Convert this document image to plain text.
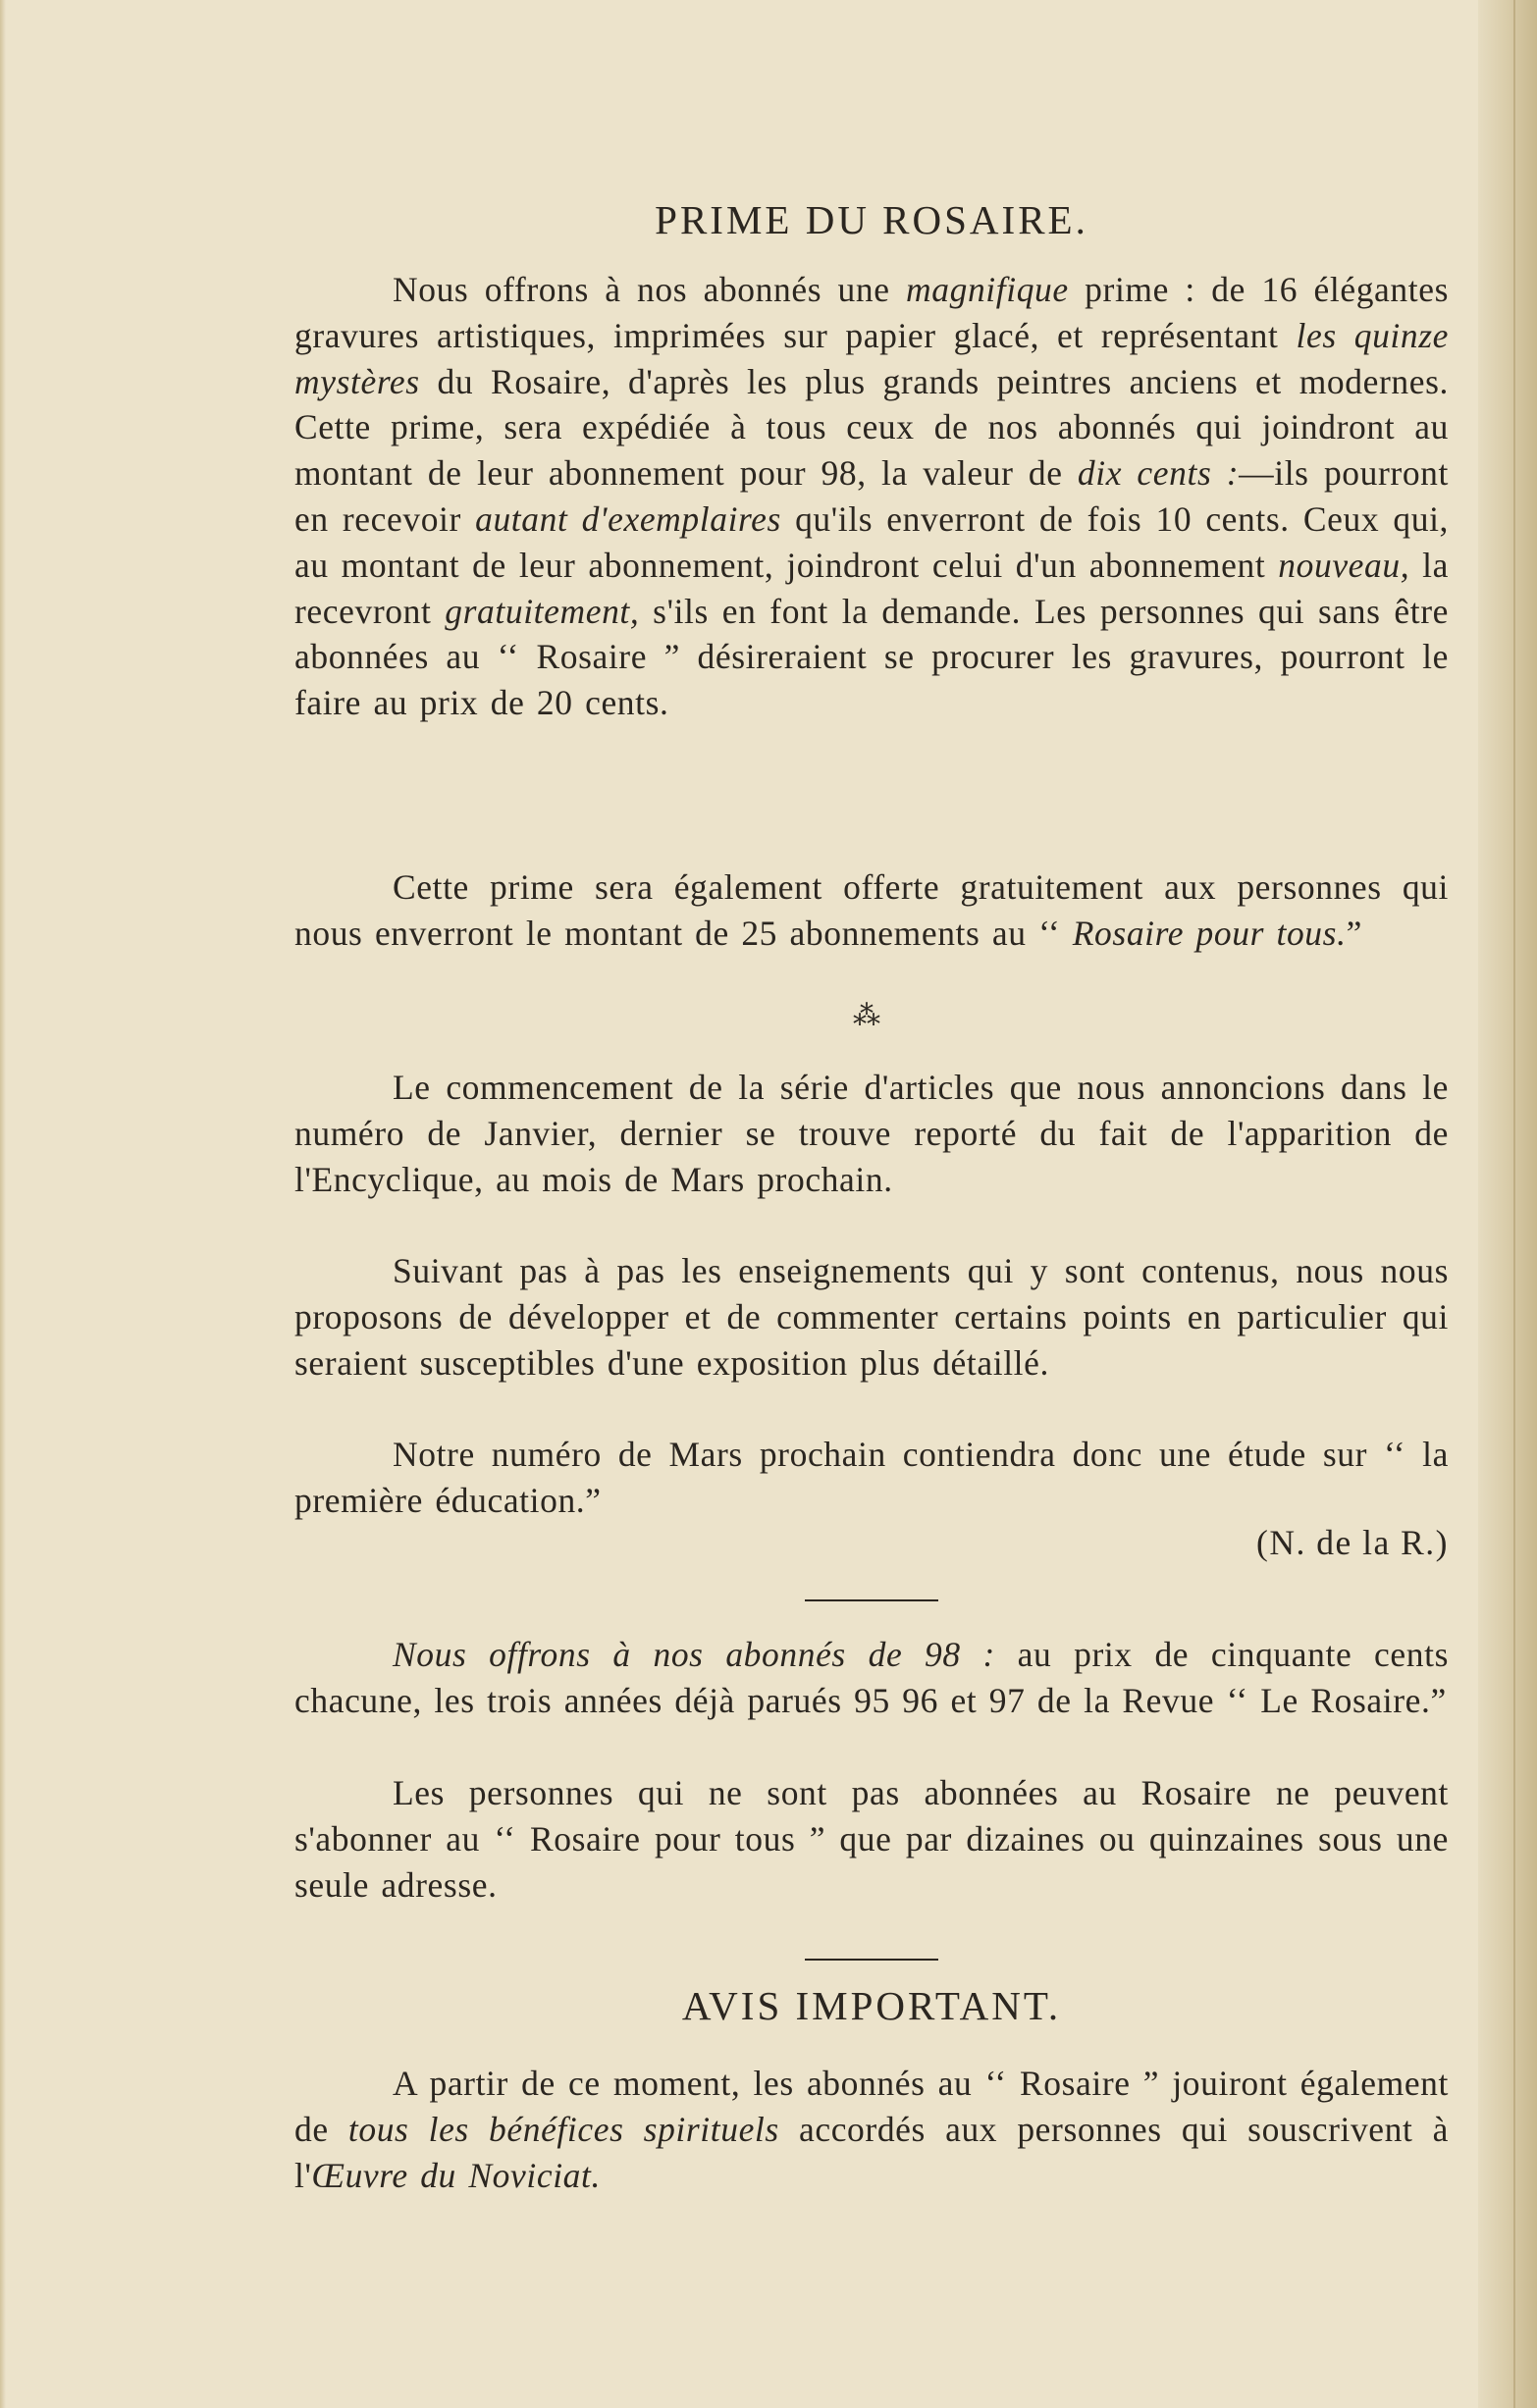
PRIME DU ROSAIRE.

Nous offrons à nos abonnés une magnifique prime : de 16 élégantes gravures artistiques, imprimées sur papier glacé, et représentant les quinze mystères du Rosaire, d'après les plus grands peintres anciens et modernes. Cette prime, sera expédiée à tous ceux de nos abonnés qui joindront au montant de leur abonnement pour 98, la valeur de dix cents :—ils pourront en recevoir autant d'exemplaires qu'ils enverront de fois 10 cents. Ceux qui, au montant de leur abonnement, joindront celui d'un abonnement nouveau, la recevront gratuitement, s'ils en font la demande. Les personnes qui sans être abonnées au ‘‘ Rosaire ” désireraient se procurer les gravures, pourront le faire au prix de 20 cents.

Cette prime sera également offerte gratuitement aux personnes qui nous enverront le montant de 25 abonnements au ‘‘ Rosaire pour tous.”

⁂

Le commencement de la série d'articles que nous annoncions dans le numéro de Janvier, dernier se trouve reporté du fait de l'apparition de l'Encyclique, au mois de Mars prochain.

Suivant pas à pas les enseignements qui y sont contenus, nous nous proposons de développer et de commenter certains points en particulier qui seraient susceptibles d'une exposition plus détaillé.

Notre numéro de Mars prochain contiendra donc une étude sur ‘‘ la première éducation.”

(N. de la R.)

Nous offrons à nos abonnés de 98 : au prix de cinquante cents chacune, les trois années déjà parués 95 96 et 97 de la Revue ‘‘ Le Rosaire.”

Les personnes qui ne sont pas abonnées au Rosaire ne peuvent s'abonner au ‘‘ Rosaire pour tous ” que par dizaines ou quinzaines sous une seule adresse.

AVIS IMPORTANT.

A partir de ce moment, les abonnés au ‘‘ Rosaire ” jouiront également de tous les bénéfices spirituels accordés aux personnes qui souscrivent à l'Œuvre du Noviciat.
